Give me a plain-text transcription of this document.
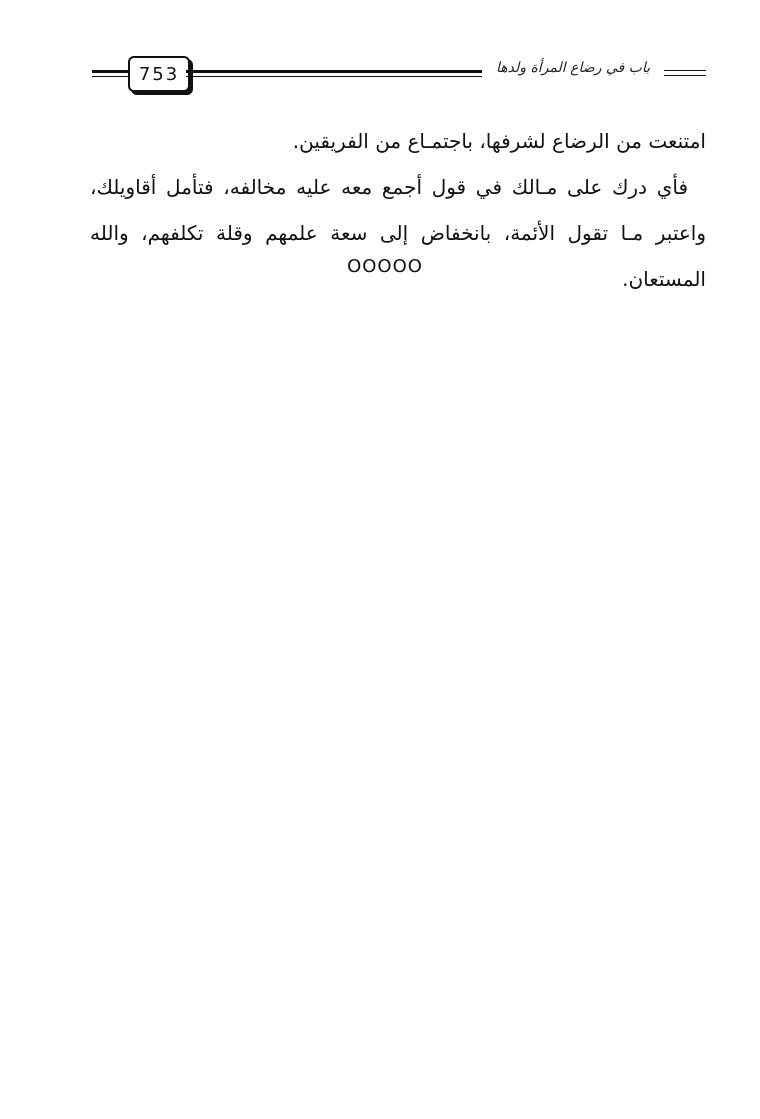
753	باب في رضاع المرأة ولدها
امتنعت من الرضاع لشرفها، باجتمـاع من الفريقين.
فأي درك على مـالك في قول أجمع معه عليه مخالفه، فتأمل أقاويلك، واعتبر مـا تقول الأئمة، بانخفاض إلى سعة علمهم وقلة تكلفهم، والله المستعان.
OOOOO
